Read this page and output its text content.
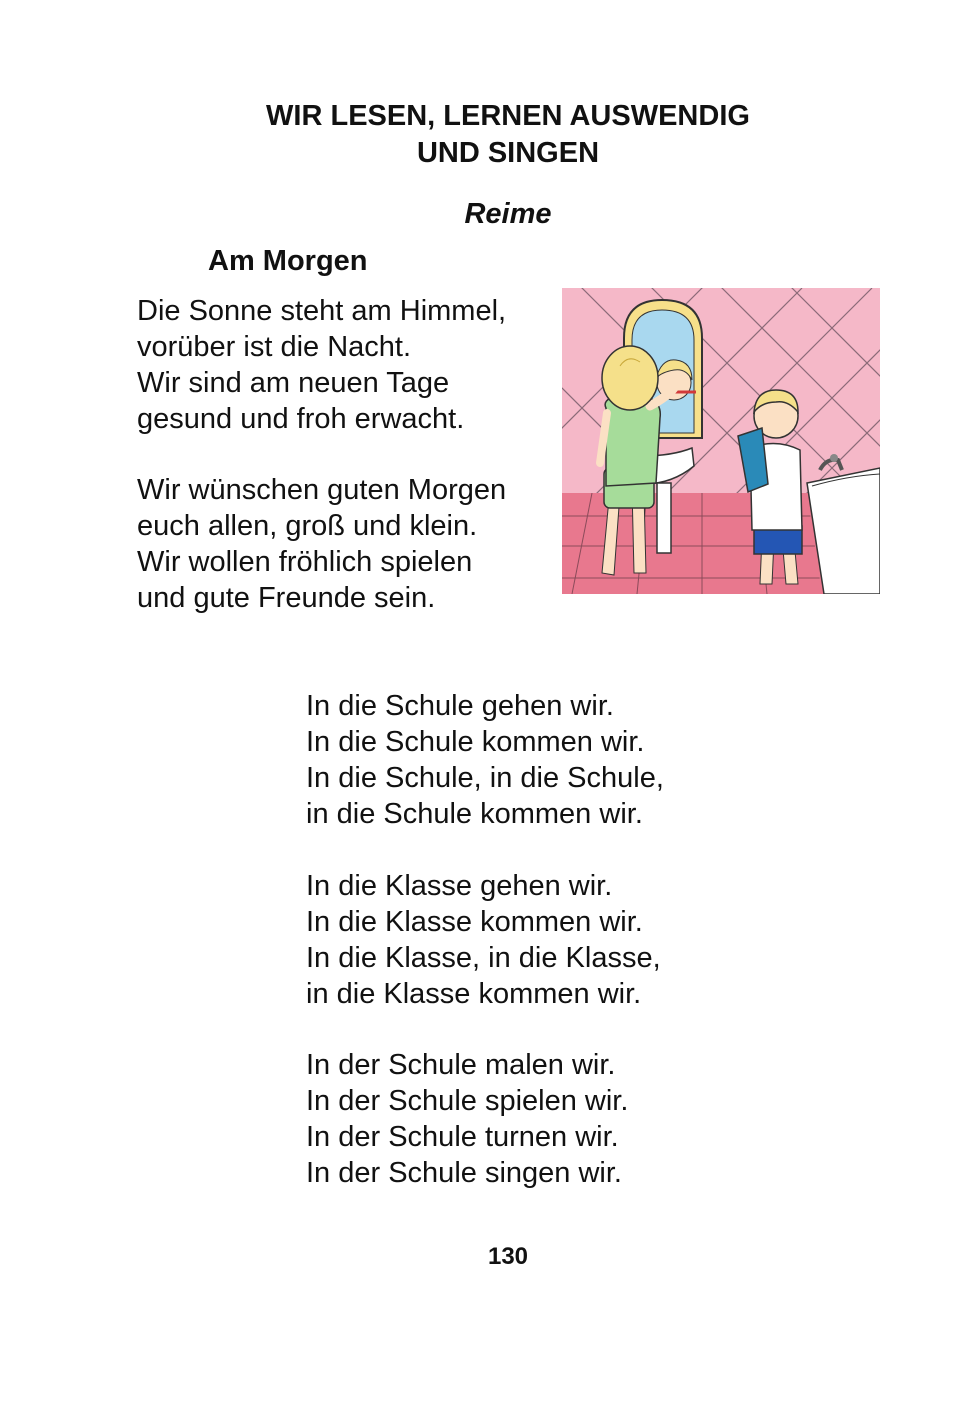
WIR LESEN, LERNEN AUSWENDIG
UND SINGEN
Reime
Am Morgen
Die Sonne steht am Himmel,
vorüber ist die Nacht.
Wir sind am neuen Tage
gesund und froh erwacht.
Wir wünschen guten Morgen
euch allen, groß und klein.
Wir wollen fröhlich spielen
und gute Freunde sein.
In die Schule gehen wir.
In die Schule kommen wir.
In die Schule, in die Schule,
in die Schule kommen wir.
In die Klasse gehen wir.
In die Klasse kommen wir.
In die Klasse, in die Klasse,
in die Klasse kommen wir.
In der Schule malen wir.
In der Schule spielen wir.
In der Schule turnen wir.
In der Schule singen wir.
130
